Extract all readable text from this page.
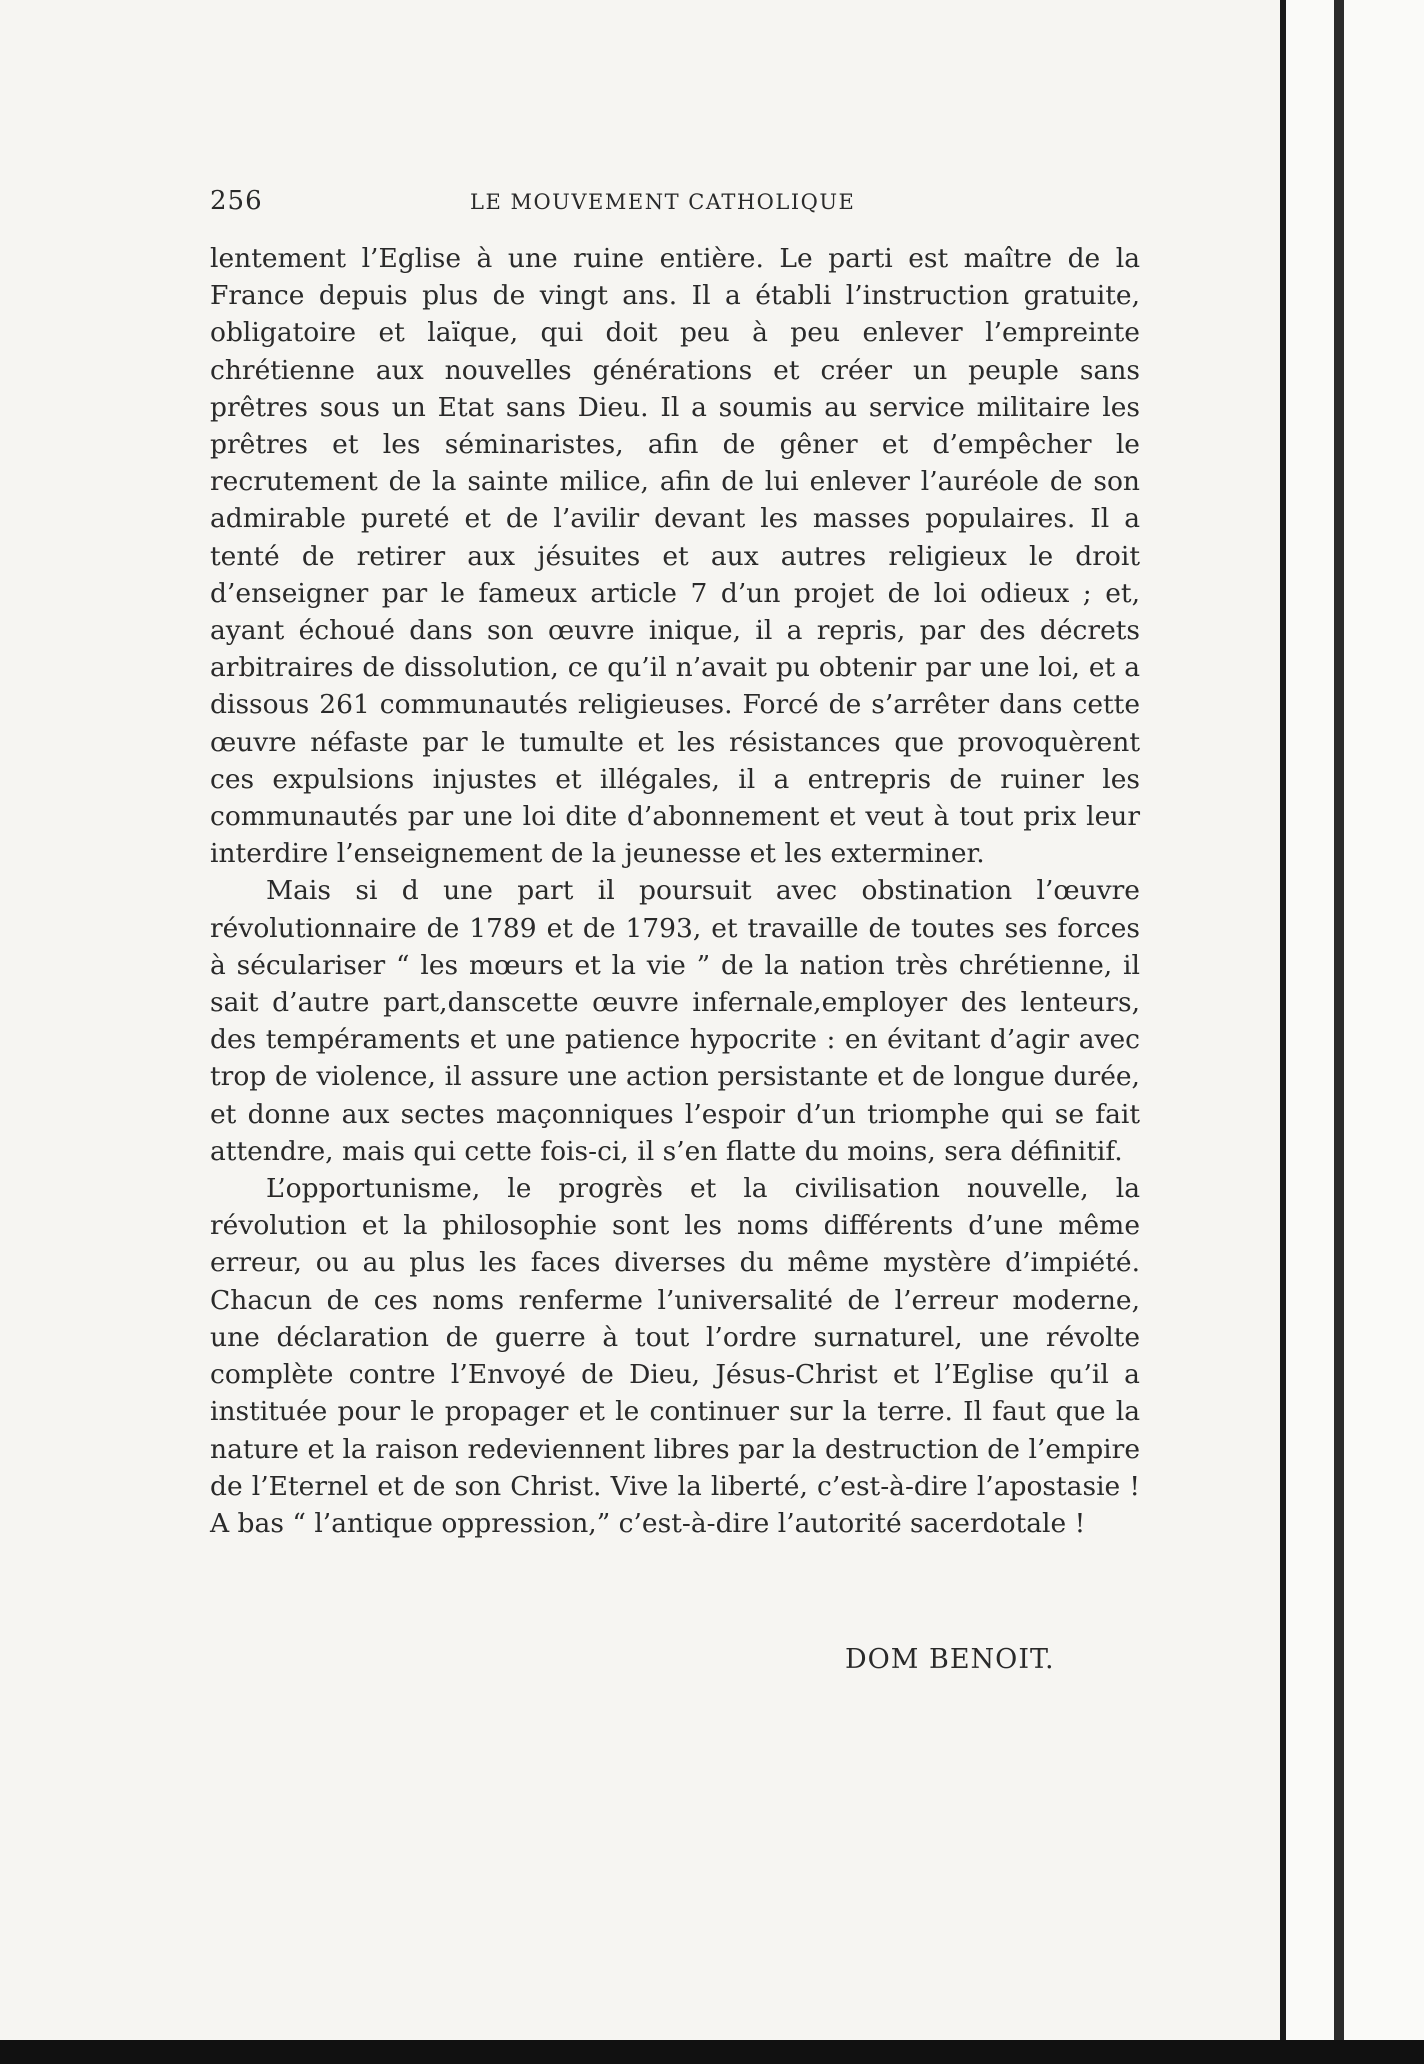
256	LE MOUVEMENT CATHOLIQUE

lentement l’Eglise à une ruine entière. Le parti est maître de la France depuis plus de vingt ans. Il a établi l’instruction gratuite, obligatoire et laïque, qui doit peu à peu enlever l’empreinte chrétienne aux nouvelles générations et créer un peuple sans prêtres sous un Etat sans Dieu. Il a soumis au service militaire les prêtres et les séminaristes, afin de gêner et d’empêcher le recrutement de la sainte milice, afin de lui enlever l’auréole de son admirable pureté et de l’avilir devant les masses populaires. Il a tenté de retirer aux jésuites et aux autres religieux le droit d’enseigner par le fameux article 7 d’un projet de loi odieux ; et, ayant échoué dans son œuvre inique, il a repris, par des décrets arbitraires de dissolution, ce qu’il n’avait pu obtenir par une loi, et a dissous 261 communautés religieuses. Forcé de s’arrêter dans cette œuvre néfaste par le tumulte et les résistances que provoquèrent ces expulsions injustes et illégales, il a entrepris de ruiner les communautés par une loi dite d’abonnement et veut à tout prix leur interdire l’enseignement de la jeunesse et les exterminer.

Mais si d une part il poursuit avec obstination l’œuvre révolutionnaire de 1789 et de 1793, et travaille de toutes ses forces à séculariser “ les mœurs et la vie ” de la nation très chrétienne, il sait d’autre part,danscette œuvre infernale,employer des lenteurs, des tempéraments et une patience hypocrite : en évitant d’agir avec trop de violence, il assure une action persistante et de longue durée, et donne aux sectes maçonniques l’espoir d’un triomphe qui se fait attendre, mais qui cette fois-ci, il s’en flatte du moins, sera définitif.

L’opportunisme, le progrès et la civilisation nouvelle, la révolution et la philosophie sont les noms différents d’une même erreur, ou au plus les faces diverses du même mystère d’impiété. Chacun de ces noms renferme l’universalité de l’erreur moderne, une déclaration de guerre à tout l’ordre surnaturel, une révolte complète contre l’Envoyé de Dieu, Jésus-Christ et l’Eglise qu’il a instituée pour le propager et le continuer sur la terre. Il faut que la nature et la raison redeviennent libres par la destruction de l’empire de l’Eternel et de son Christ. Vive la liberté, c’est-à-dire l’apostasie ! A bas “ l’antique oppression,” c’est-à-dire l’autorité sacerdotale !

DOM BENOIT.
